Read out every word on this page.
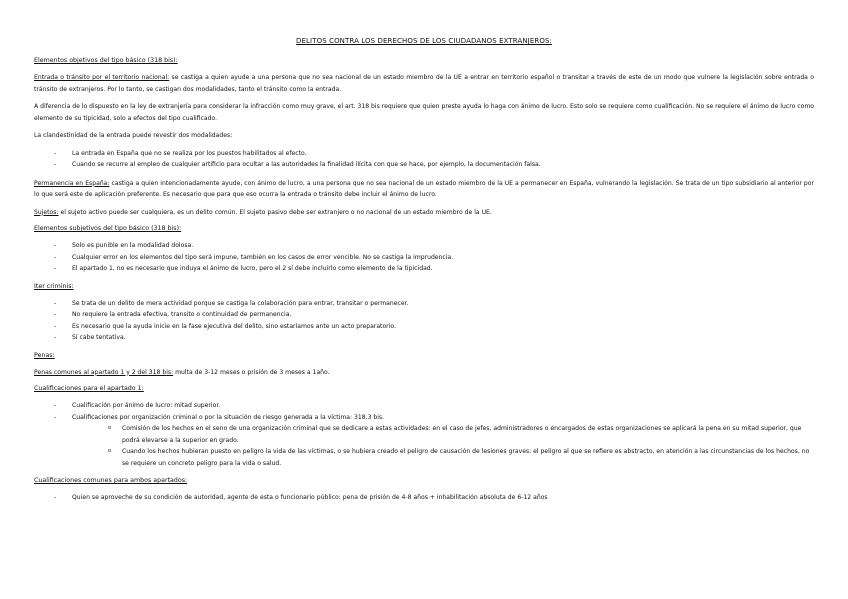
DELITOS CONTRA LOS DERECHOS DE LOS CIUDADANOS EXTRANJEROS:
Elementos objetivos del tipo básico (318 bis):
Entrada o tránsito por el territorio nacional: se castiga a quien ayude a una persona que no sea nacional de un estado miembro de la UE a entrar en territorio español o transitar a través de este de un modo que vulnere la legislación sobre entrada o tránsito de extranjeros. Por lo tanto, se castigan dos modalidades, tanto el tránsito como la entrada.
A diferencia de lo dispuesto en la ley de extranjería para considerar la infracción como muy grave, el art. 318 bis requiere que quien preste ayuda lo haga con ánimo de lucro. Esto solo se requiere como cualificación. No se requiere el ánimo de lucro como elemento de su tipicidad, solo a efectos del tipo cualificado.
La clandestinidad de la entrada puede revestir dos modalidades:
- La entrada en España que no se realiza por los puestos habilitados al efecto.
- Cuando se recurre al empleo de cualquier artificio para ocultar a las autoridades la finalidad ilícita con que se hace, por ejemplo, la documentación falsa.
Permanencia en España: castiga a quien intencionadamente ayude, con ánimo de lucro, a una persona que no sea nacional de un estado miembro de la UE a permanecer en España, vulnerando la legislación. Se trata de un tipo subsidiario al anterior por lo que será este de aplicación preferente. Es necesario que para que eso ocurra la entrada o tránsito debe incluir el ánimo de lucro.
Sujetos: el sujeto activo puede ser cualquiera, es un delito común. El sujeto pasivo debe ser extranjero o no nacional de un estado miembro de la UE.
Elementos subjetivos del tipo básico (318 bis):
- Solo es punible en la modalidad dolosa.
- Cualquier error en los elementos del tipo será impune, también en los casos de error vencible. No se castiga la imprudencia.
- El apartado 1, no es necesario que induya el ánimo de lucro, pero el 2 sí debe incluirlo como elemento de la tipicidad.
Iter criminis:
- Se trata de un delito de mera actividad porque se castiga la colaboración para entrar, transitar o permanecer.
- No requiere la entrada efectiva, transito o continuidad de permanencia.
- Es necesario que la ayuda inicie en la fase ejecutiva del delito, sino estaríamos ante un acto preparatorio.
- Sí cabe tentativa.
Penas:
Penas comunes al apartado 1 y 2 del 318 bis: multa de 3-12 meses o prisión de 3 meses a 1año.
Cualificaciones para el apartado 1:
- Cualificación por ánimo de lucro: mitad superior.
- Cualificaciones por organización criminal o por la situación de riesgo generada a la víctima: 318.3 bis.
o Comisión de los hechos en el seno de una organización criminal que se dedicare a estas actividades: en el caso de jefes, administradores o encargados de estas organizaciones se aplicará la pena en su mitad superior, que podrá elevarse a la superior en grado.
o Cuando los hechos hubieran puesto en peligro la vida de las víctimas, o se hubiera creado el peligro de causación de lesiones graves: el peligro al que se refiere es abstracto, en atención a las circunstancias de los hechos, no se requiere un concreto peligro para la vida o salud.
Cualificaciones comunes para ambos apartados:
- Quien se aproveche de su condición de autoridad, agente de esta o funcionario público: pena de prisión de 4-8 años + inhabilitación absoluta de 6-12 años
